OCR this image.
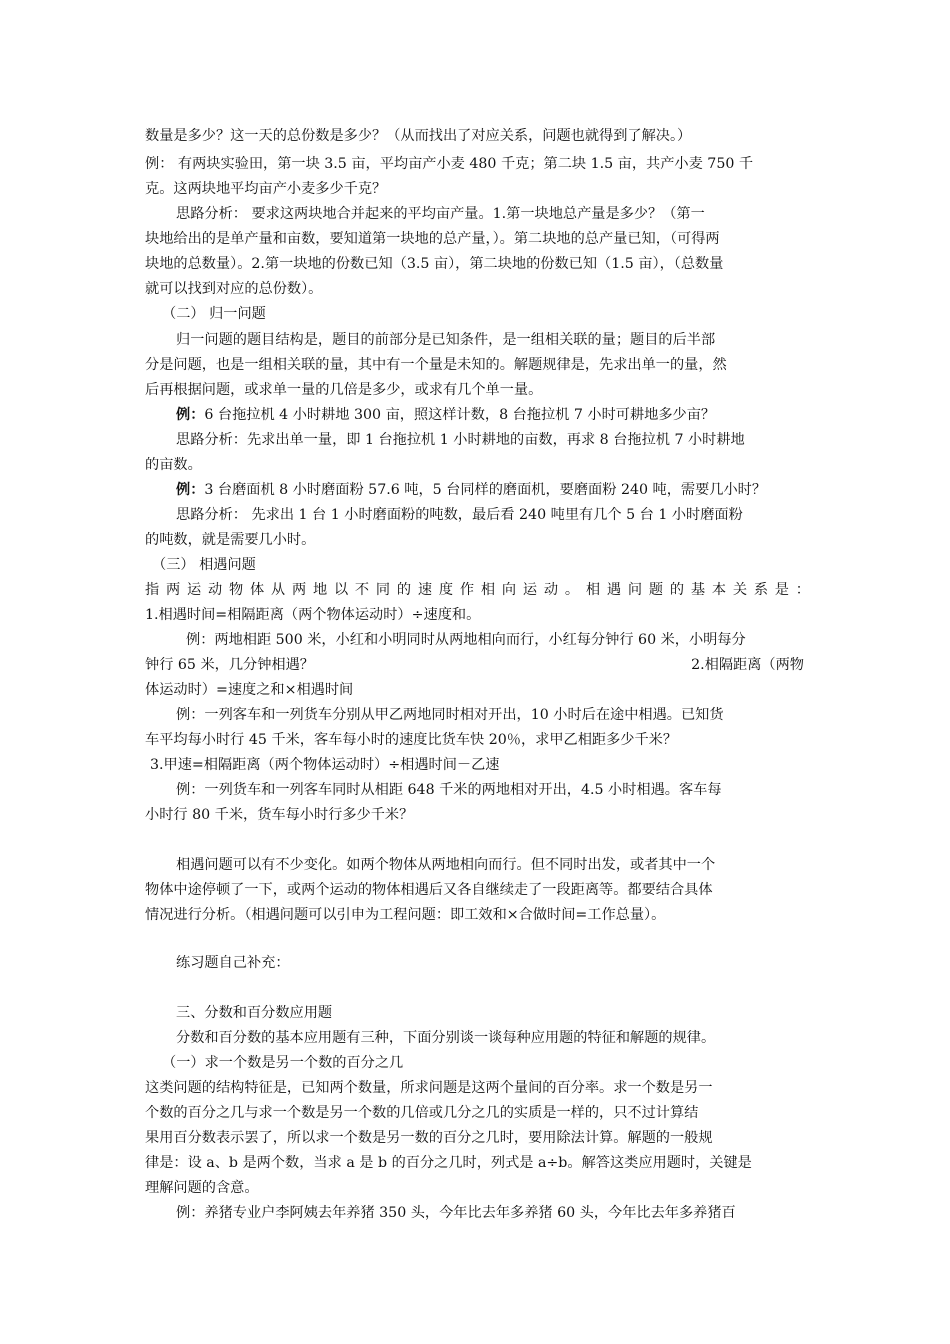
数量是多少？这一天的总份数是多少？（从而找出了对应关系，问题也就得到了解决。）
例： 有两块实验田，第一块 3.5 亩，平均亩产小麦 480 千克；第二块 1.5 亩，共产小麦 750 千
克。这两块地平均亩产小麦多少千克？
思路分析： 要求这两块地合并起来的平均亩产量。1.第一块地总产量是多少？（第一
块地给出的是单产量和亩数，要知道第一块地的总产量，）。第二块地的总产量已知，（可得两
块地的总数量）。2.第一块地的份数已知（3.5 亩），第二块地的份数已知（1.5 亩），（总数量
就可以找到对应的总份数）。
（二） 归一问题
归一问题的题目结构是，题目的前部分是已知条件，是一组相关联的量；题目的后半部
分是问题，也是一组相关联的量，其中有一个量是未知的。解题规律是，先求出单一的量，然
后再根据问题，或求单一量的几倍是多少，或求有几个单一量。
例：6 台拖拉机 4 小时耕地 300 亩，照这样计数，8 台拖拉机 7 小时可耕地多少亩？
思路分析：先求出单一量，即 1 台拖拉机 1 小时耕地的亩数，再求 8 台拖拉机 7 小时耕地
的亩数。
例：3 台磨面机 8 小时磨面粉 57.6 吨，5 台同样的磨面机，要磨面粉 240 吨，需要几小时？
思路分析： 先求出 1 台 1 小时磨面粉的吨数，最后看 240 吨里有几个 5 台 1 小时磨面粉
的吨数，就是需要几小时。
（三） 相遇问题
指 两 运 动 物 体 从 两 地 以 不 同 的 速 度 作 相 向 运 动 。 相 遇 问 题 的 基 本 关 系 是 ：
1.相遇时间=相隔距离（两个物体运动时）÷速度和。
例：两地相距 500 米，小红和小明同时从两地相向而行，小红每分钟行 60 米，小明每分
钟行 65 米，几分钟相遇？	2.相隔距离（两物
体运动时）=速度之和×相遇时间
例：一列客车和一列货车分别从甲乙两地同时相对开出，10 小时后在途中相遇。已知货
车平均每小时行 45 千米，客车每小时的速度比货车快 20％，求甲乙相距多少千米？
3.甲速=相隔距离（两个物体运动时）÷相遇时间－乙速
例：一列货车和一列客车同时从相距 648 千米的两地相对开出，4.5 小时相遇。客车每
小时行 80 千米，货车每小时行多少千米？
相遇问题可以有不少变化。如两个物体从两地相向而行。但不同时出发，或者其中一个
物体中途停顿了一下，或两个运动的物体相遇后又各自继续走了一段距离等。都要结合具体
情况进行分析。（相遇问题可以引申为工程问题：即工效和×合做时间=工作总量）。
练习题自己补充：
三、分数和百分数应用题
分数和百分数的基本应用题有三种，下面分别谈一谈每种应用题的特征和解题的规律。
（一）求一个数是另一个数的百分之几
这类问题的结构特征是，已知两个数量，所求问题是这两个量间的百分率。求一个数是另一
个数的百分之几与求一个数是另一个数的几倍或几分之几的实质是一样的，只不过计算结
果用百分数表示罢了，所以求一个数是另一数的百分之几时，要用除法计算。解题的一般规
律是：设 a、b 是两个数，当求 a 是 b 的百分之几时，列式是 a÷b。解答这类应用题时，关键是
理解问题的含意。
例：养猪专业户李阿姨去年养猪 350 头，今年比去年多养猪 60 头，今年比去年多养猪百
